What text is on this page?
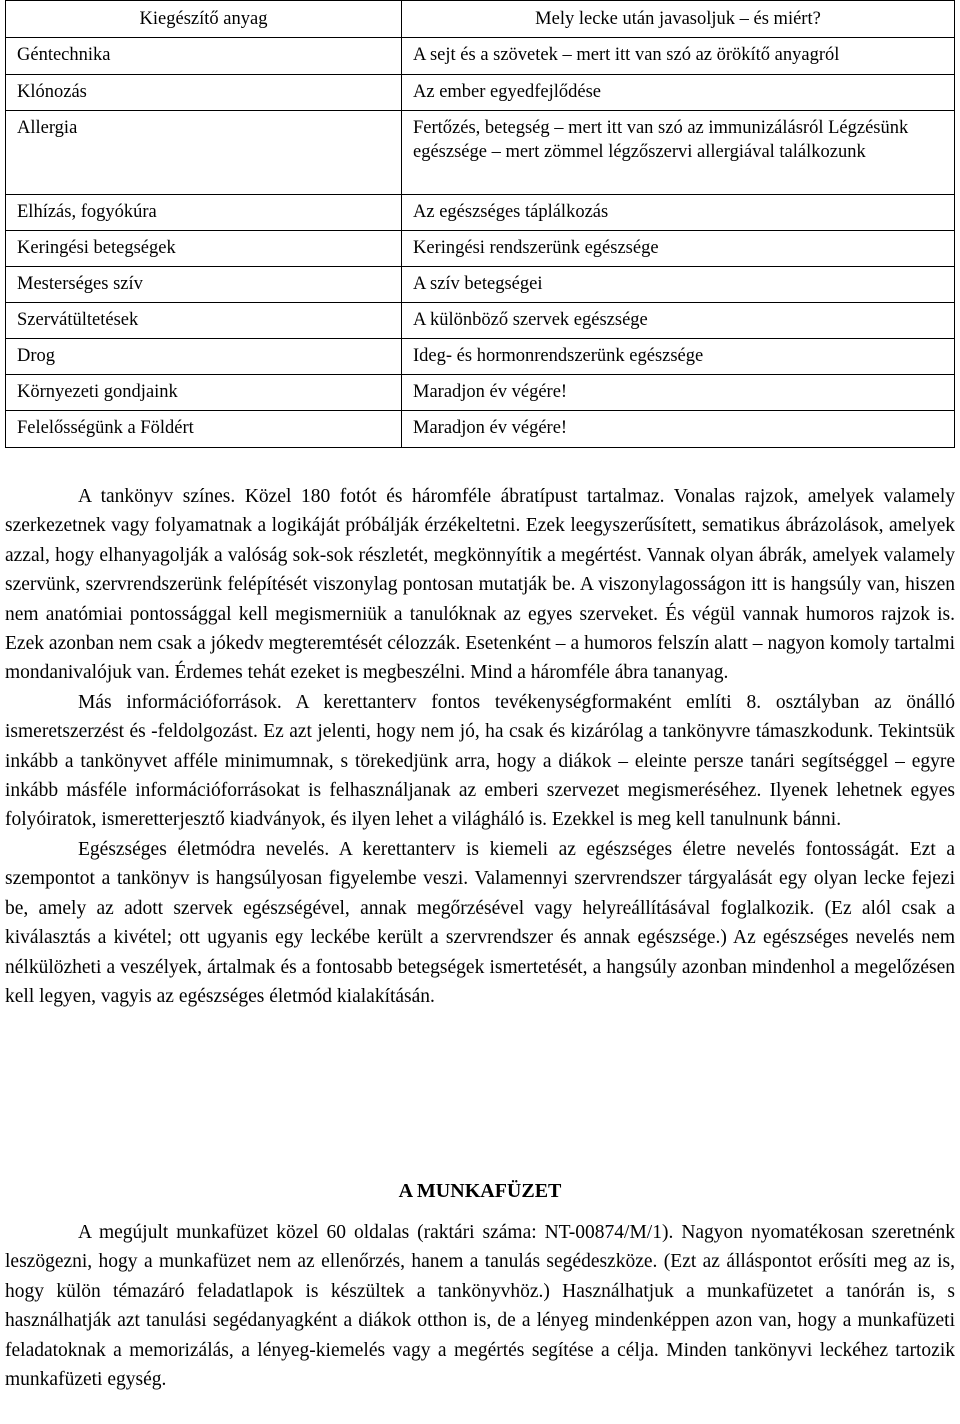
Kiegészítő anyag	Mely lecke után javasoljuk – és miért?
Géntechnika	A sejt és a szövetek – mert itt van szó az örökítő anyagról
Klónozás	Az ember egyedfejlődése
Allergia	Fertőzés, betegség – mert itt van szó az immunizálásról Légzésünk egészsége – mert zömmel légzőszervi allergiával találkozunk
Elhízás, fogyókúra	Az egészséges táplálkozás
Keringési betegségek	Keringési rendszerünk egészsége
Mesterséges szív	A szív betegségei
Szervátültetések	A különböző szervek egészsége
Drog	Ideg- és hormonrendszerünk egészsége
Környezeti gondjaink	Maradjon év végére!
Felelősségünk a Földért	Maradjon év végére!

A tankönyv színes. Közel 180 fotót és háromféle ábratípust tartalmaz. Vonalas rajzok, amelyek valamely szerkezetnek vagy folyamatnak a logikáját próbálják érzékeltetni. Ezek leegyszerűsített, sematikus ábrázolások, amelyek azzal, hogy elhanyagolják a valóság sok-sok részletét, megkönnyítik a megértést. Vannak olyan ábrák, amelyek valamely szervünk, szervrendszerünk felépítését viszonylag pontosan mutatják be. A viszonylagosságon itt is hangsúly van, hiszen nem anatómiai pontossággal kell megismerniük a tanulóknak az egyes szerveket. És végül vannak humoros rajzok is. Ezek azonban nem csak a jókedv megteremtését célozzák. Esetenként – a humoros felszín alatt – nagyon komoly tartalmi mondanivalójuk van. Érdemes tehát ezeket is megbeszélni. Mind a háromféle ábra tananyag.

Más információforrások. A kerettanterv fontos tevékenységformaként említi 8. osztályban az önálló ismeretszerzést és -feldolgozást. Ez azt jelenti, hogy nem jó, ha csak és kizárólag a tankönyvre támaszkodunk. Tekintsük inkább a tankönyvet afféle minimumnak, s törekedjünk arra, hogy a diákok – eleinte persze tanári segítséggel – egyre inkább másféle információforrásokat is felhasználjanak az emberi szervezet megismeréséhez. Ilyenek lehetnek egyes folyóiratok, ismeretterjesztő kiadványok, és ilyen lehet a világháló is. Ezekkel is meg kell tanulnunk bánni.

Egészséges életmódra nevelés. A kerettanterv is kiemeli az egészséges életre nevelés fontosságát. Ezt a szempontot a tankönyv is hangsúlyosan figyelembe veszi. Valamennyi szervrendszer tárgyalását egy olyan lecke fejezi be, amely az adott szervek egészségével, annak megőrzésével vagy helyreállításával foglalkozik. (Ez alól csak a kiválasztás a kivétel; ott ugyanis egy leckébe került a szervrendszer és annak egészsége.) Az egészséges nevelés nem nélkülözheti a veszélyek, ártalmak és a fontosabb betegségek ismertetését, a hangsúly azonban mindenhol a megelőzésen kell legyen, vagyis az egészséges életmód kialakításán.

A MUNKAFÜZET

A megújult munkafüzet közel 60 oldalas (raktári száma: NT-00874/M/1). Nagyon nyomatékosan szeretnénk leszögezni, hogy a munkafüzet nem az ellenőrzés, hanem a tanulás segédeszköze. (Ezt az álláspontot erősíti meg az is, hogy külön témazáró feladatlapok is készültek a tankönyvhöz.) Használhatjuk a munkafüzetet a tanórán is, s használhatják azt tanulási segédanyagként a diákok otthon is, de a lényeg mindenképpen azon van, hogy a munkafüzeti feladatoknak a memorizálás, a lényeg-kiemelés vagy a megértés segítése a célja. Minden tankönyvi leckéhez tartozik munkafüzeti egység.
